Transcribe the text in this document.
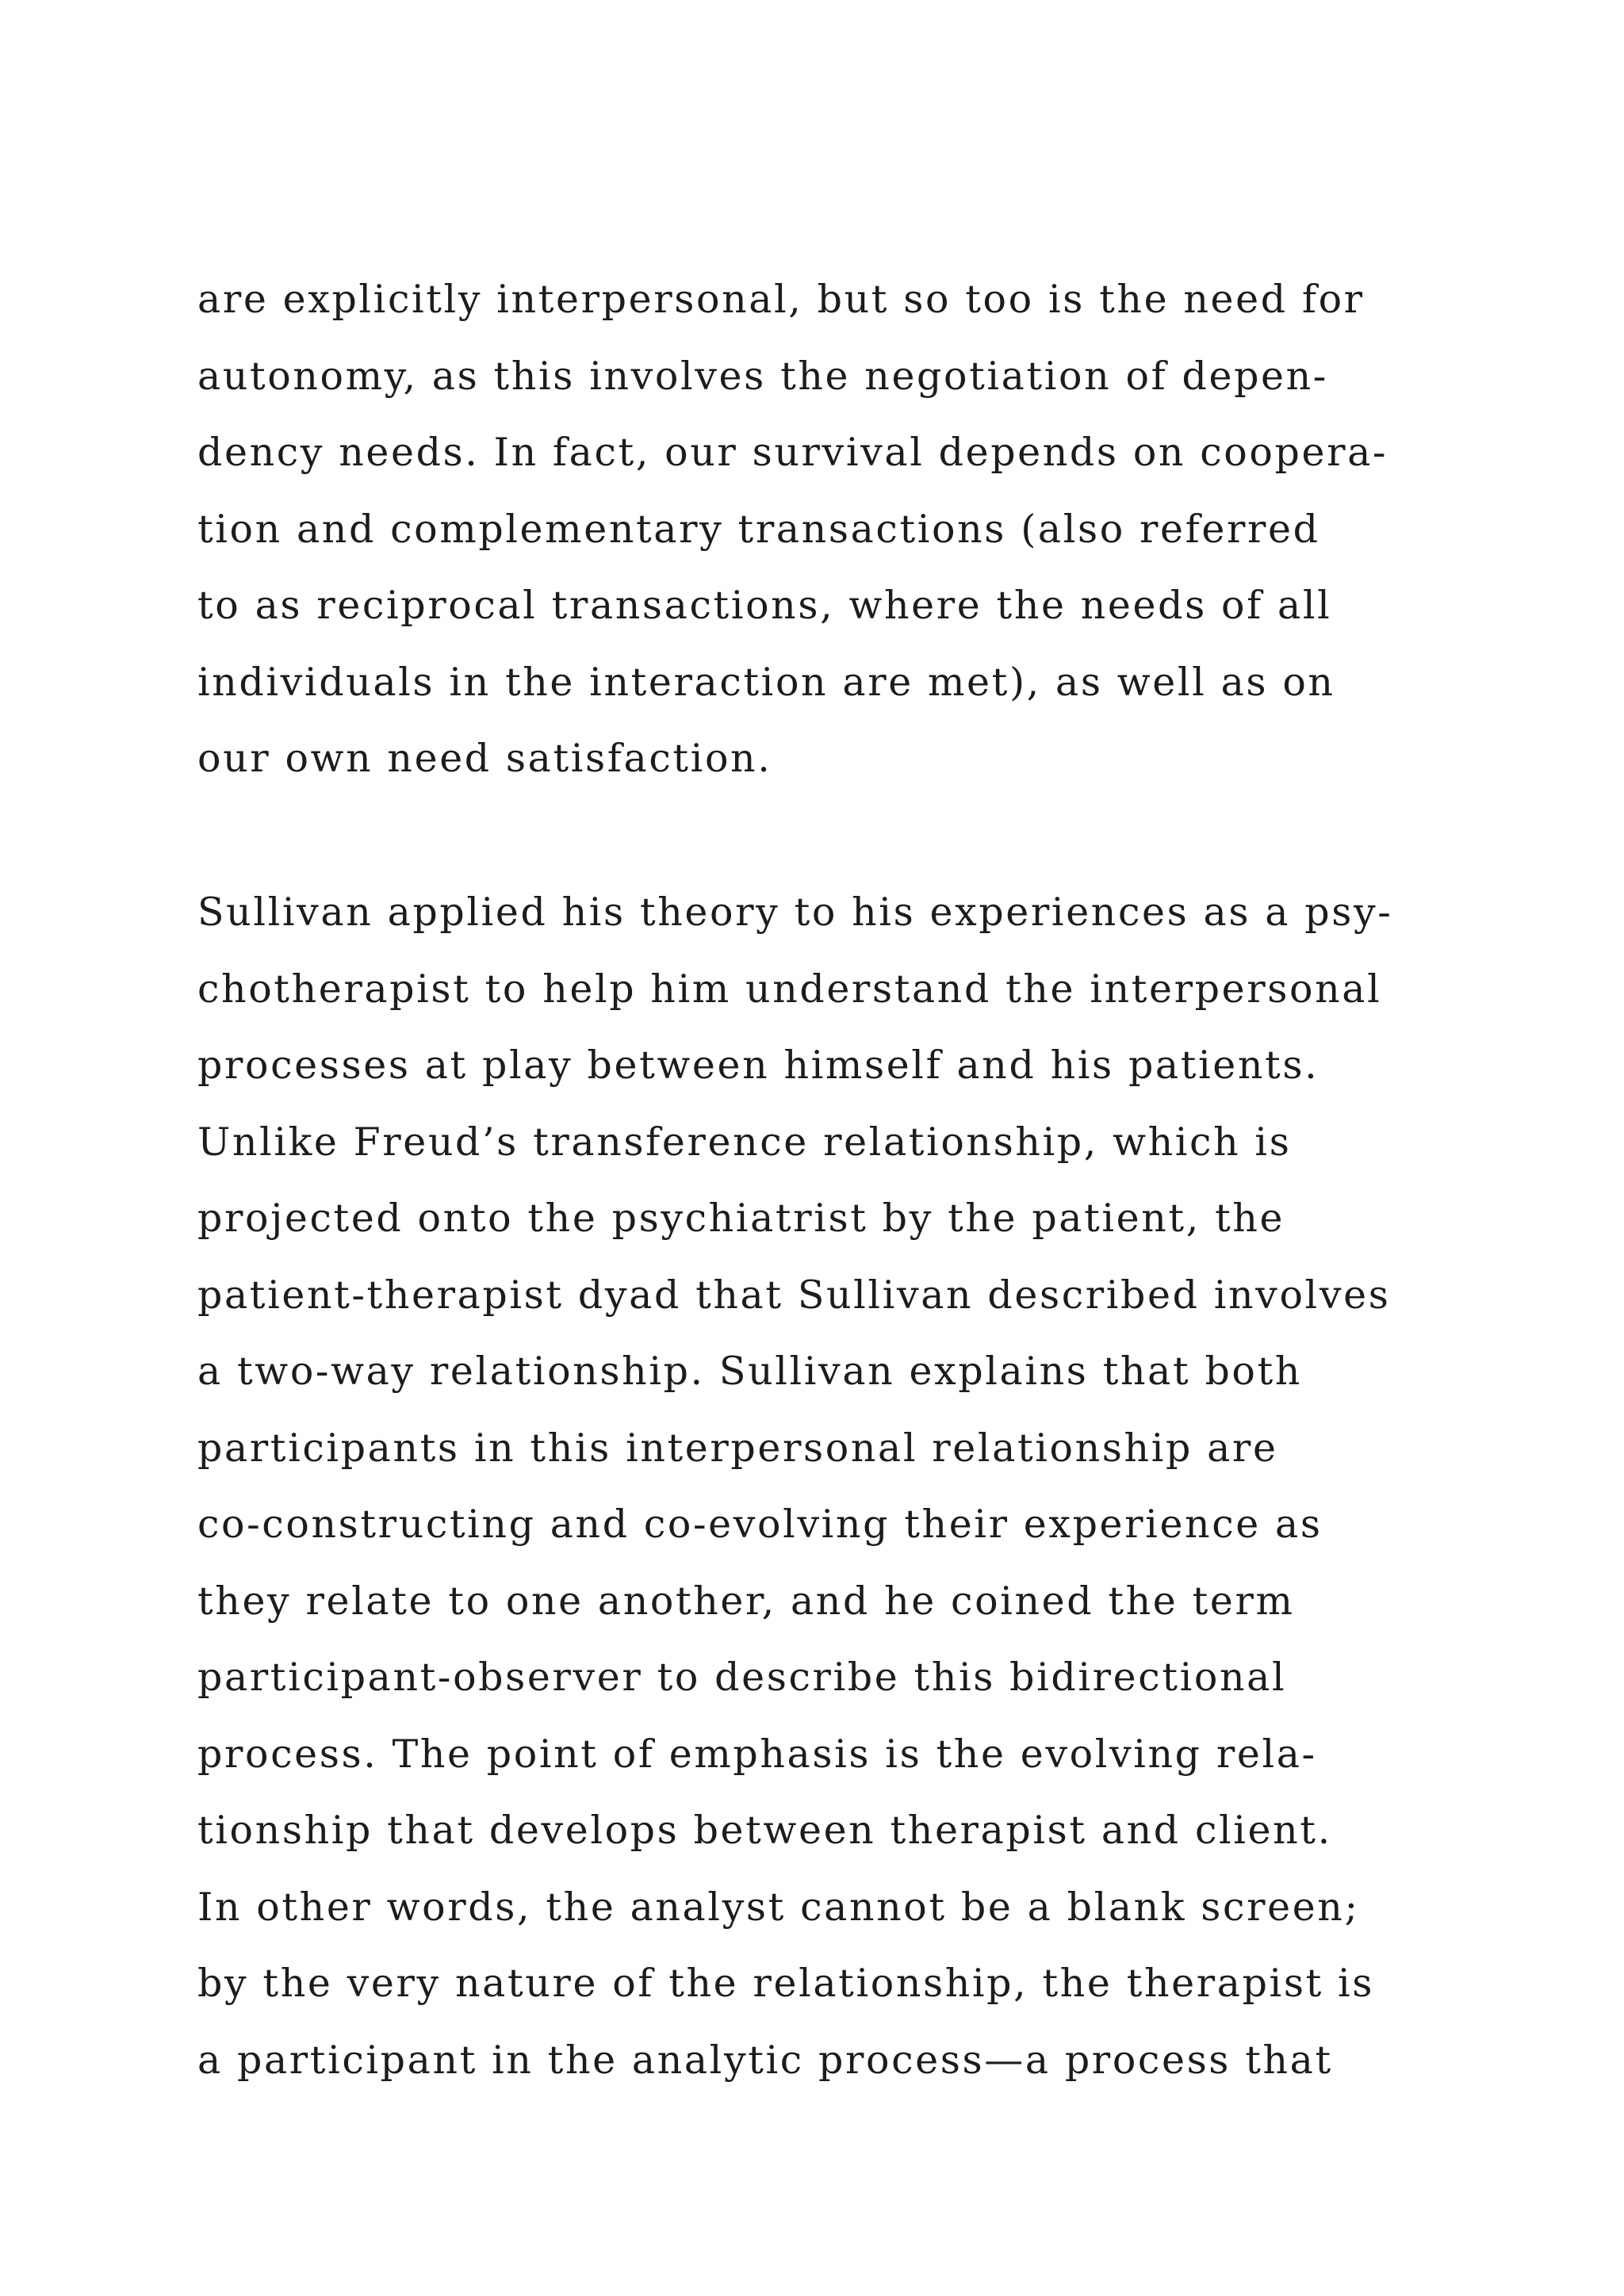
are explicitly interpersonal, but so too is the need for
autonomy, as this involves the negotiation of depen-
dency needs. In fact, our survival depends on coopera-
tion and complementary transactions (also referred
to as reciprocal transactions, where the needs of all
individuals in the interaction are met), as well as on
our own need satisfaction.

Sullivan applied his theory to his experiences as a psy-
chotherapist to help him understand the interpersonal
processes at play between himself and his patients.
Unlike Freud’s transference relationship, which is
projected onto the psychiatrist by the patient, the
patient-therapist dyad that Sullivan described involves
a two-way relationship. Sullivan explains that both
participants in this interpersonal relationship are
co-constructing and co-evolving their experience as
they relate to one another, and he coined the term
participant-observer to describe this bidirectional
process. The point of emphasis is the evolving rela-
tionship that develops between therapist and client.
In other words, the analyst cannot be a blank screen;
by the very nature of the relationship, the therapist is
a participant in the analytic process—a process that
